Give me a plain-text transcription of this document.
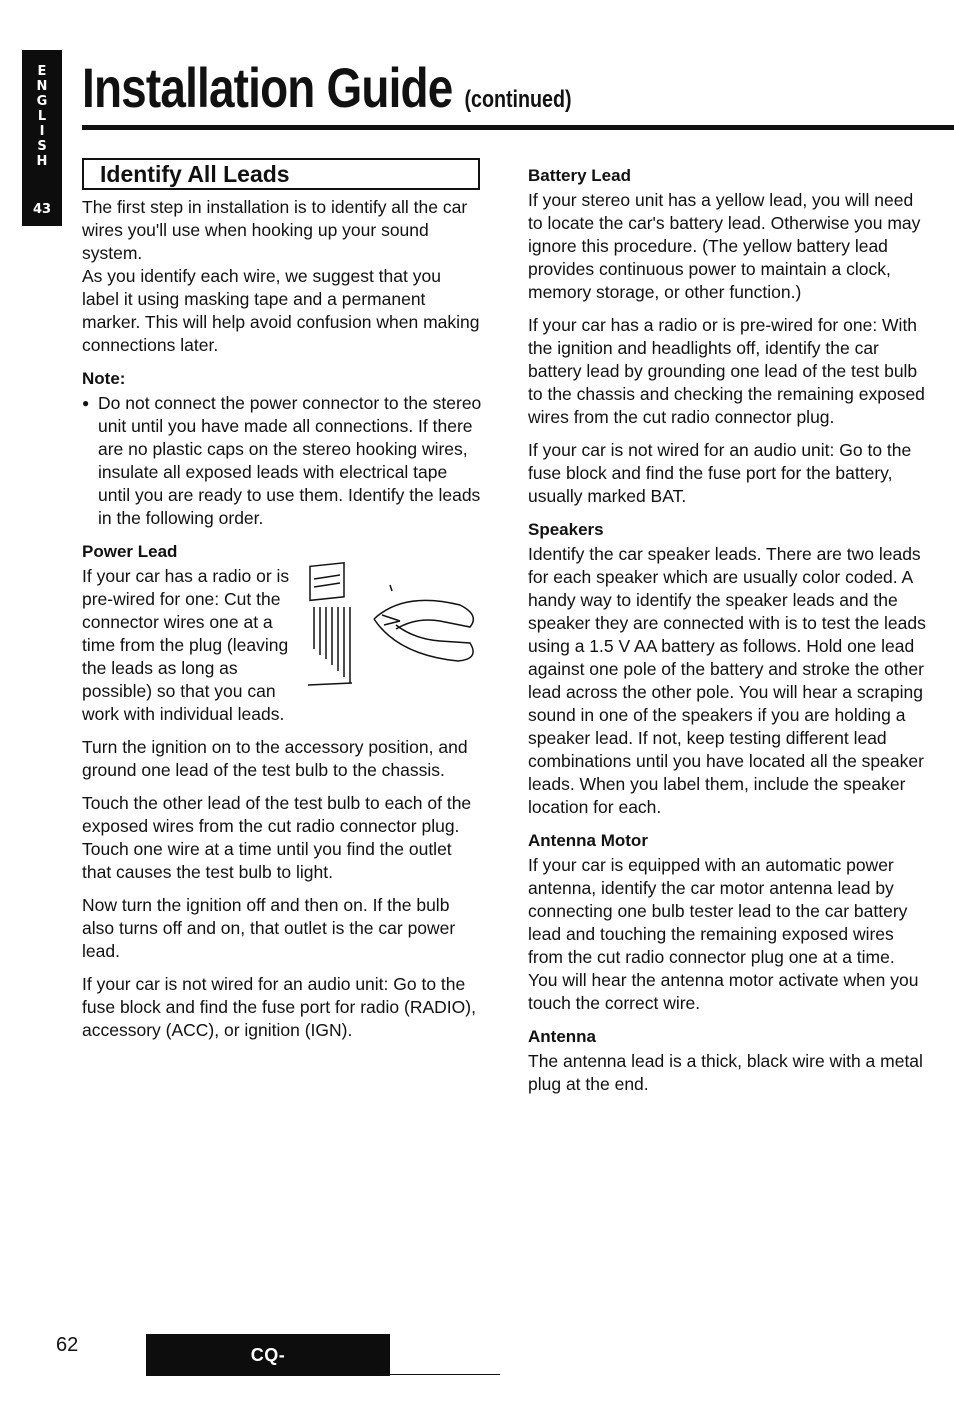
E
N
G
L
I
S
H
43
Installation Guide (continued)
Identify All Leads

The first step in installation is to identify all the car wires you'll use when hooking up your sound system.

As you identify each wire, we suggest that you label it using masking tape and a permanent marker. This will help avoid confusion when making connections later.

Note:
● Do not connect the power connector to the stereo unit until you have made all connections. If there are no plastic caps on the stereo hooking wires, insulate all exposed leads with electrical tape until you are ready to use them. Identify the leads in the following order.
Power Lead

If your car has a radio or is pre-wired for one: Cut the connector wires one at a time from the plug (leaving the leads as long as possible) so that you can work with individual leads.

Turn the ignition on to the accessory position, and ground one lead of the test bulb to the chassis.

Touch the other lead of the test bulb to each of the exposed wires from the cut radio connector plug. Touch one wire at a time until you find the outlet that causes the test bulb to light.

Now turn the ignition off and then on. If the bulb also turns off and on, that outlet is the car power lead.

If your car is not wired for an audio unit: Go to the fuse block and find the fuse port for radio (RADIO), accessory (ACC), or ignition (IGN).

Battery Lead

If your stereo unit has a yellow lead, you will need to locate the car's battery lead. Otherwise you may ignore this procedure. (The yellow battery lead provides continuous power to maintain a clock, memory storage, or other function.)

If your car has a radio or is pre-wired for one: With the ignition and headlights off, identify the car battery lead by grounding one lead of the test bulb to the chassis and checking the remaining exposed wires from the cut radio connector plug.

If your car is not wired for an audio unit: Go to the fuse block and find the fuse port for the battery, usually marked BAT.

Speakers

Identify the car speaker leads. There are two leads for each speaker which are usually color coded. A handy way to identify the speaker leads and the speaker they are connected with is to test the leads using a 1.5 V AA battery as follows. Hold one lead against one pole of the battery and stroke the other lead across the other pole. You will hear a scraping sound in one of the speakers if you are holding a speaker lead. If not, keep testing different lead combinations until you have located all the speaker leads. When you label them, include the speaker location for each.

Antenna Motor

If your car is equipped with an automatic power antenna, identify the car motor antenna lead by connecting one bulb tester lead to the car battery lead and touching the remaining exposed wires from the cut radio connector plug one at a time. You will hear the antenna motor activate when you touch the correct wire.

Antenna

The antenna lead is a thick, black wire with a metal plug at the end.

62	CQ-C8400/8300/8200/8100U
